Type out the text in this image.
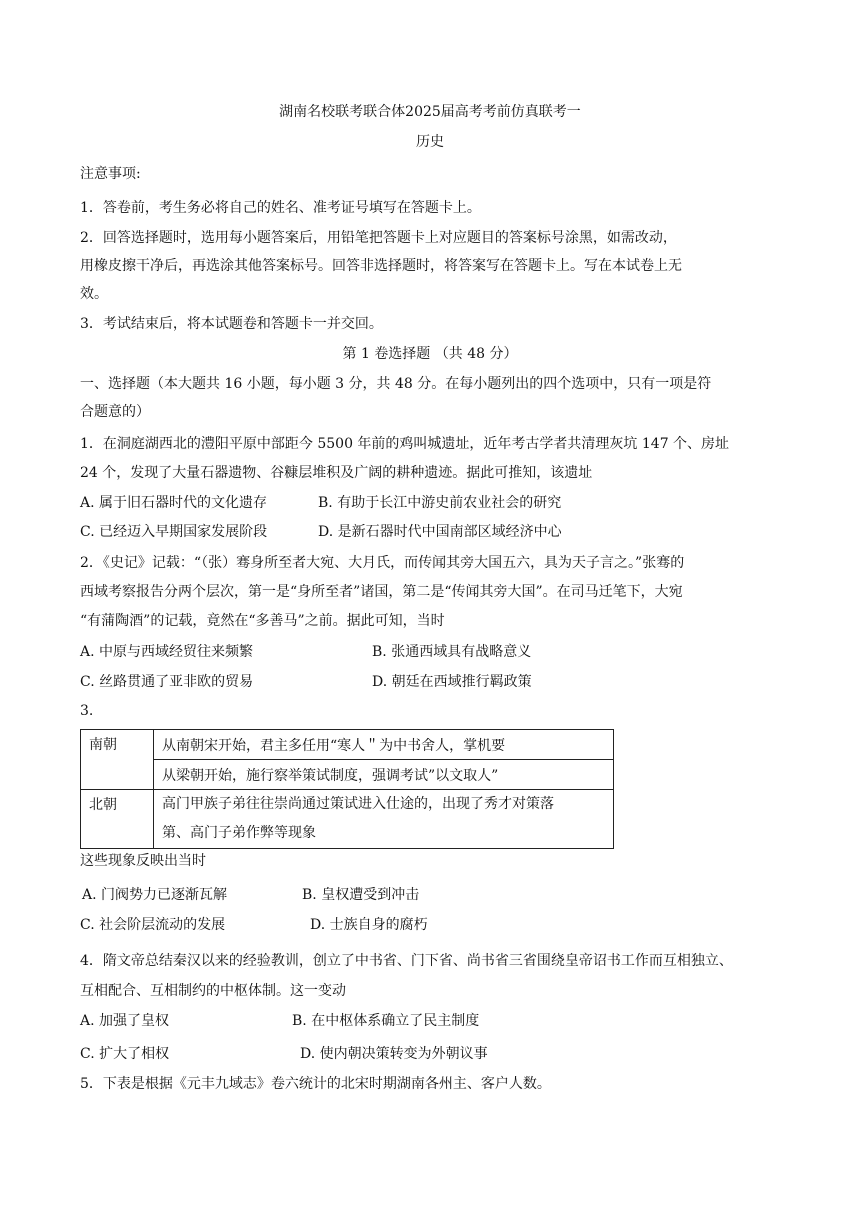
湖南名校联考联合体2025届高考考前仿真联考一
历史
注意事项:
1．答卷前，考生务必将自己的姓名、准考证号填写在答题卡上。
2．回答选择题时，选用每小题答案后，用铅笔把答题卡上对应题目的答案标号涂黑，如需改动，
用橡皮擦干净后，再选涂其他答案标号。回答非选择题时，将答案写在答题卡上。写在本试卷上无
效。
3．考试结束后，将本试题卷和答题卡一并交回。
第 1 卷选择题 （共 48 分）
一、选择题（本大题共 16 小题，每小题 3 分，共 48 分。在每小题列出的四个选项中，只有一项是符
合题意的）
1．在洞庭湖西北的澧阳平原中部距今 5500 年前的鸡叫城遗址，近年考古学者共清理灰坑 147 个、房址
24 个，发现了大量石器遗物、谷糠层堆积及广阔的耕种遗迹。据此可推知，该遗址
A. 属于旧石器时代的文化遗存	B. 有助于长江中游史前农业社会的研究
C. 已经迈入早期国家发展阶段	D. 是新石器时代中国南部区域经济中心
2．《史记》记载：“（张）骞身所至者大宛、大月氏，而传闻其旁大国五六，具为天子言之。”张骞的
西域考察报告分两个层次，第一是“身所至者”诸国，第二是“传闻其旁大国”。在司马迁笔下，大宛
“有蒲陶酒”的记载，竟然在“多善马”之前。据此可知，当时
A. 中原与西域经贸往来频繁	B. 张通西域具有战略意义
C. 丝路贯通了亚非欧的贸易	D. 朝廷在西域推行羁政策
3.
南朝	从南朝宋开始，君主多任用“寒人＂为中书舍人，掌机要
	从梁朝开始，施行察举策试制度，强调考试”以文取人”
北朝	高门甲族子弟往往崇尚通过策试进入仕途的，出现了秀才对策落
第、高门子弟作弊等现象
这些现象反映出当时
A. 门阀势力已逐渐瓦解	B. 皇权遭受到冲击
C. 社会阶层流动的发展	D. 士族自身的腐朽
4．隋文帝总结秦汉以来的经验教训，创立了中书省、门下省、尚书省三省围绕皇帝诏书工作而互相独立、
互相配合、互相制约的中枢体制。这一变动
A. 加强了皇权	B. 在中枢体系确立了民主制度
C. 扩大了相权	D. 使内朝决策转变为外朝议事
5．下表是根据《元丰九域志》卷六统计的北宋时期湖南各州主、客户人数。
